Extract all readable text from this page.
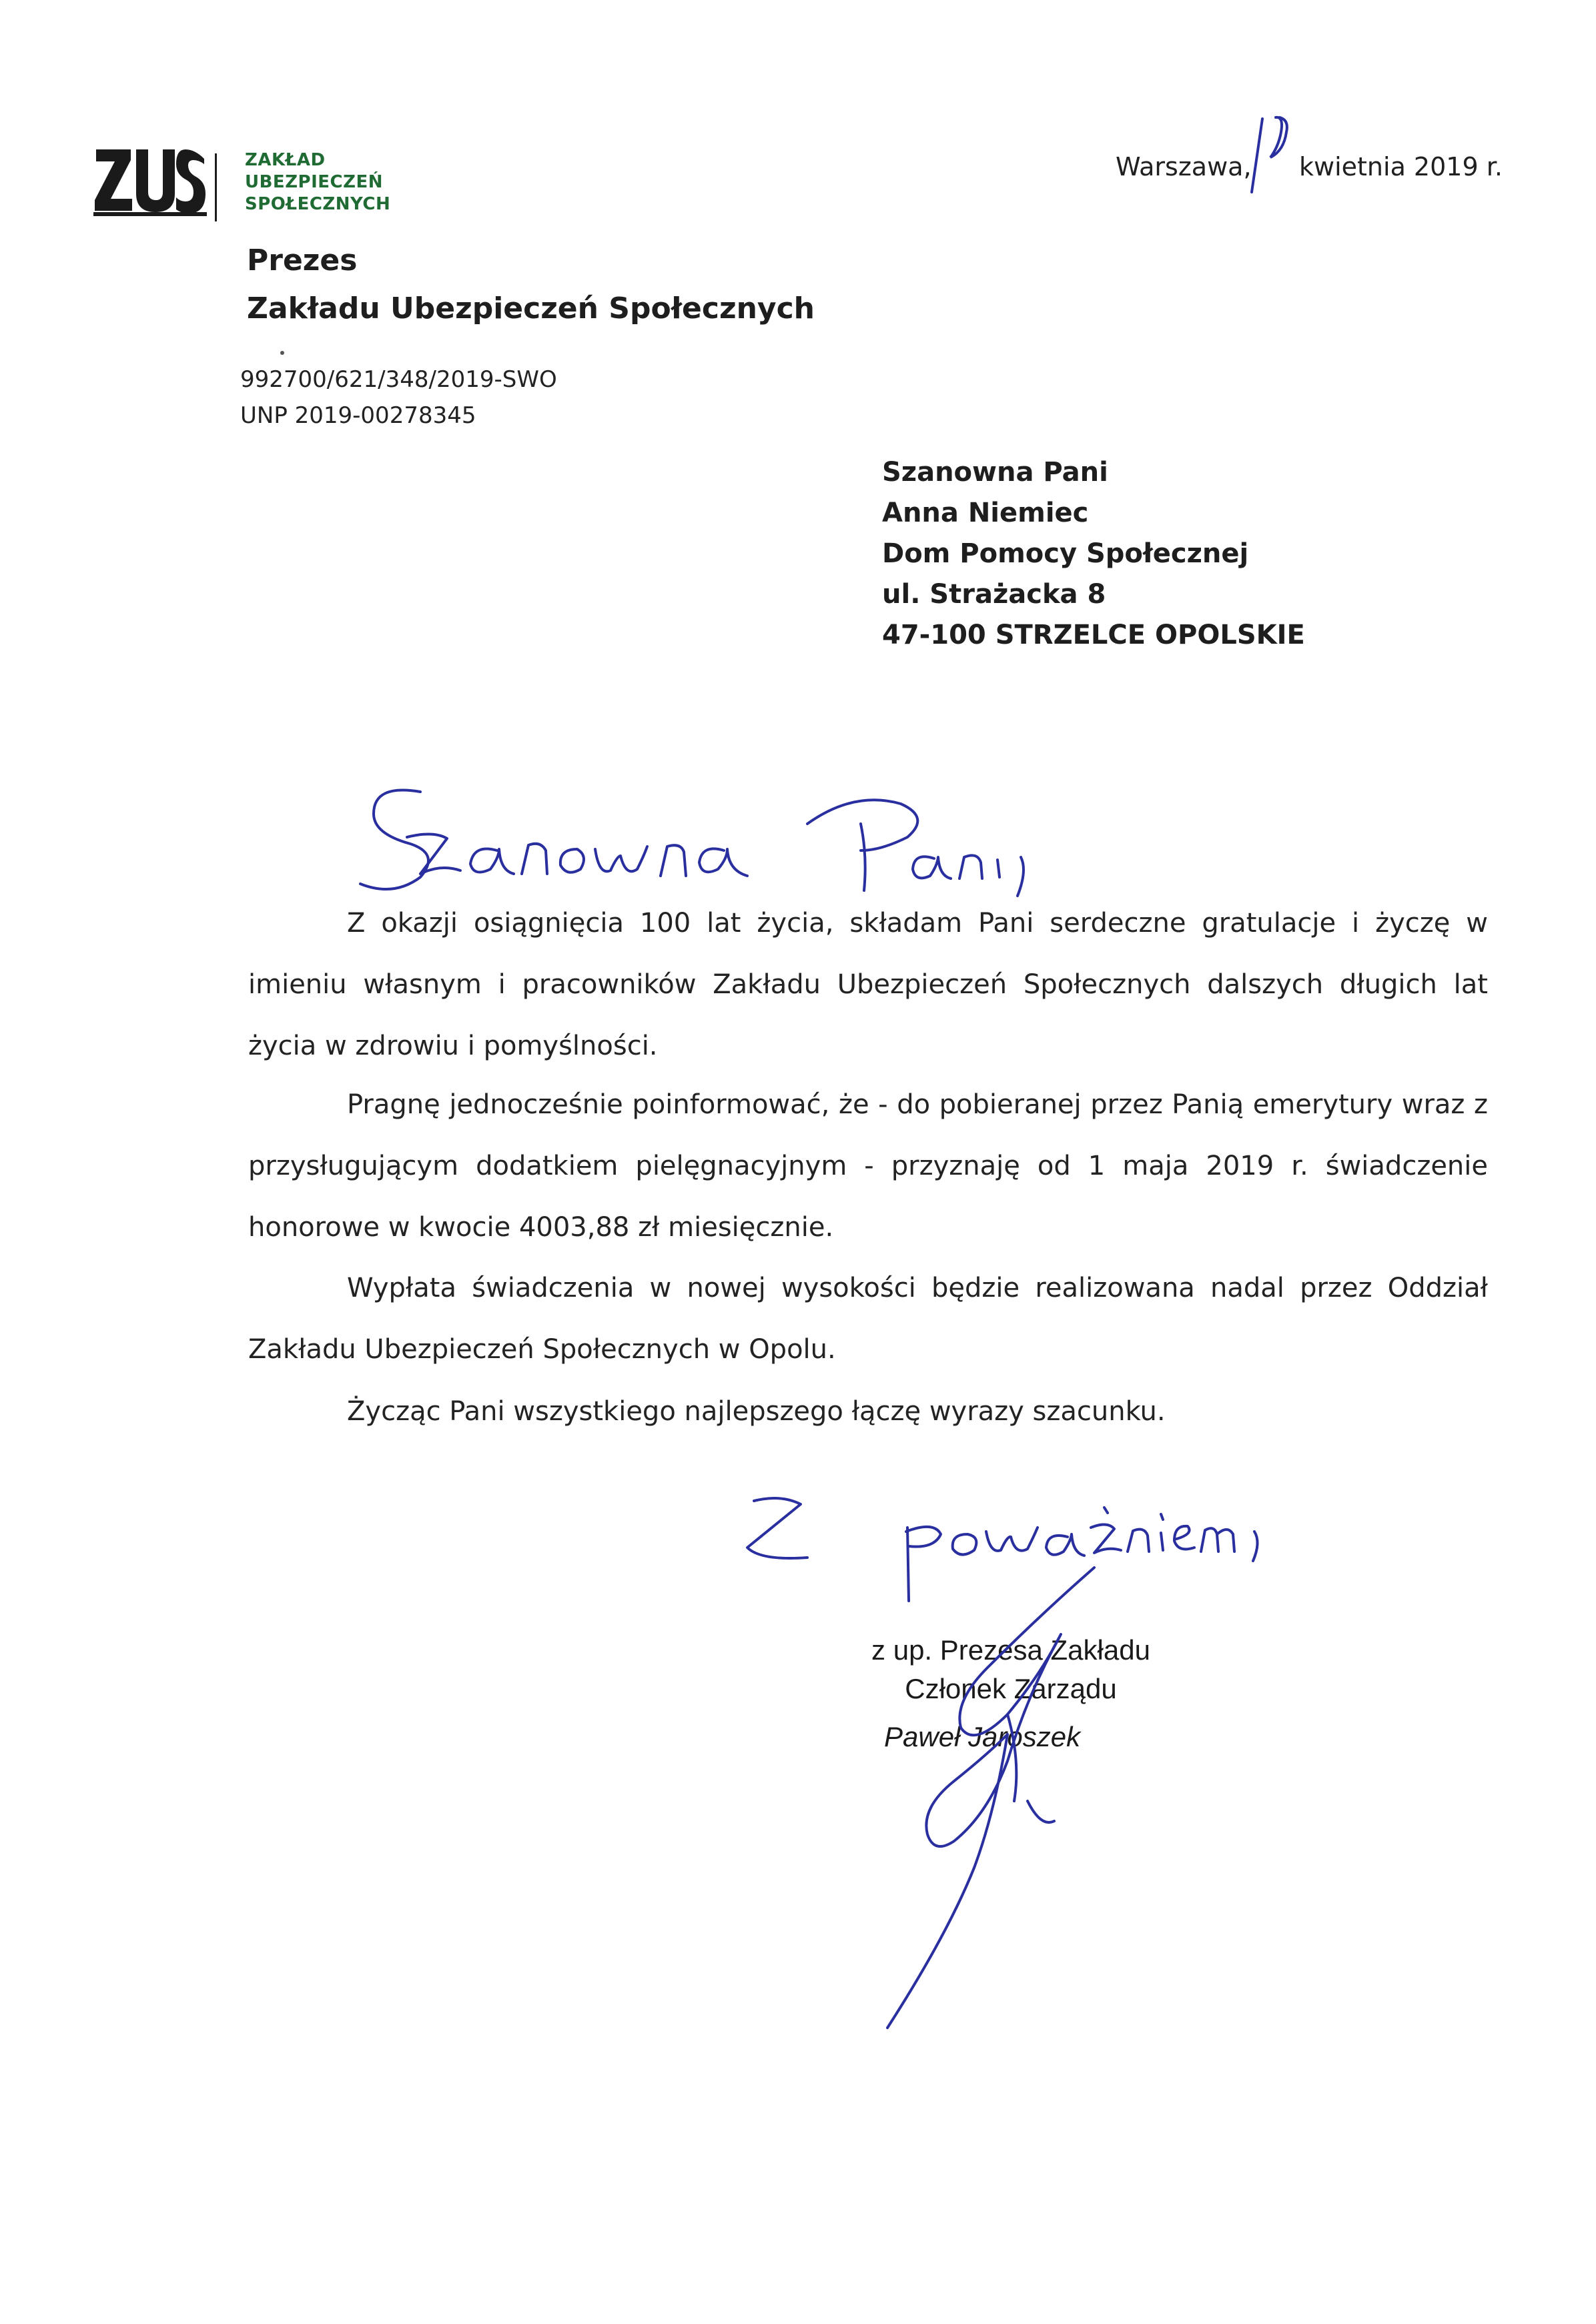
ZAKŁAD
UBEZPIECZEŃ
SPOŁECZNYCH

Warszawa,

kwietnia 2019 r.

Prezes
Zakładu Ubezpieczeń Społecznych
992700/621/348/2019-SWO
UNP 2019-00278345
Szanowna Pani
Anna Niemiec
Dom Pomocy Społecznej
ul. Strażacka 8
47-100 STRZELCE OPOLSKIE

Z okazji osiągnięcia 100 lat życia, składam Pani serdeczne gratulacje i życzę w imieniu własnym i pracowników Zakładu Ubezpieczeń Społecznych dalszych długich lat życia w zdrowiu i pomyślności.

Pragnę jednocześnie poinformować, że - do pobieranej przez Panią emerytury wraz z przysługującym dodatkiem pielęgnacyjnym - przyznaję od 1 maja 2019 r. świadczenie honorowe w kwocie 4003,88 zł miesięcznie.

Wypłata świadczenia w nowej wysokości będzie realizowana nadal przez Oddział Zakładu Ubezpieczeń Społecznych w Opolu.

Życząc Pani wszystkiego najlepszego łączę wyrazy szacunku.

z up. Prezesa Zakładu
Członek Zarządu
Paweł Jaroszek
